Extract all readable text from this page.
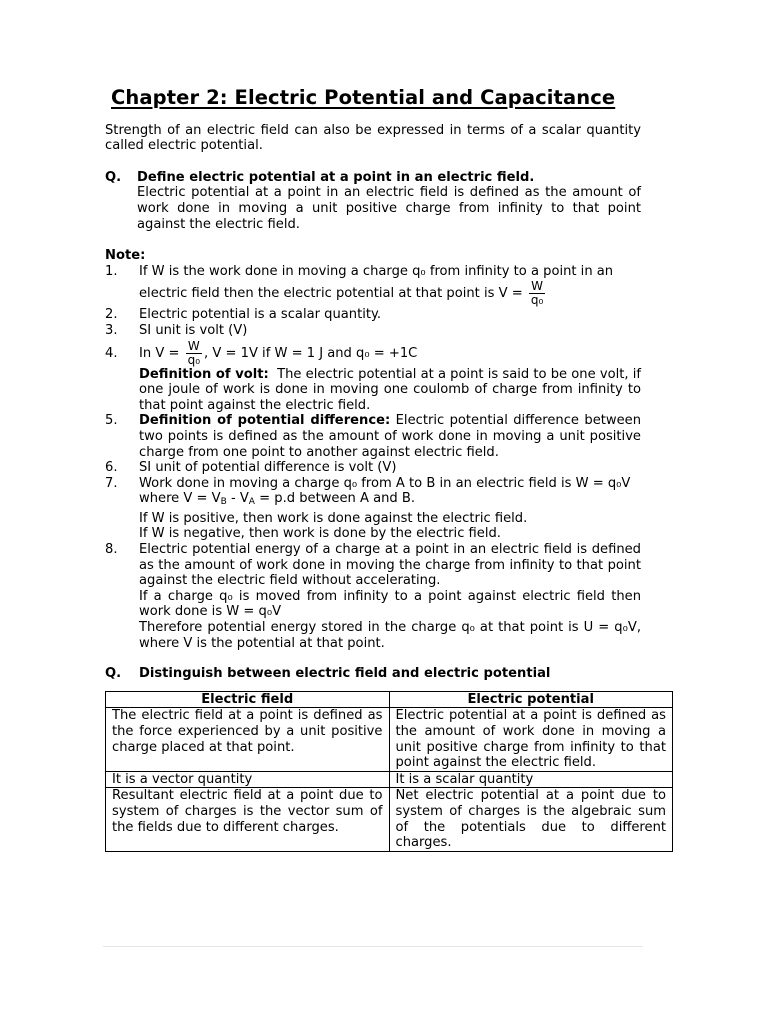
Chapter 2: Electric Potential and Capacitance

Strength of an electric field can also be expressed in terms of a scalar quantity called electric potential.

Q.	Define electric potential at a point in an electric field.

Electric potential at a point in an electric field is defined as the amount of work done in moving a unit positive charge from infinity to that point against the electric field.

Note:

1.	If W is the work done in moving a charge q₀ from infinity to a point in an

electric field then the electric potential at that point is $V = \frac{W}{\text{q₀}}$

2.	Electric potential is a scalar quantity.
3.	SI unit is volt (V)
4.	In $V = \frac{W}{\text{q₀}}$ , V = 1V if W = 1 J and q₀ = +1C

Definition of volt: The electric potential at a point is said to be one volt, if one joule of work is done in moving one coulomb of charge from infinity to that point against the electric field.

5.	Definition of potential difference: Electric potential difference between two points is defined as the amount of work done in moving a unit positive charge from one point to another against electric field.
6.	SI unit of potential difference is volt (V)
7.	Work done in moving a charge q₀ from A to B in an electric field is W = q₀V

where $V = V_B - V_A = p.d$ between A and B.

If W is positive, then work is done against the electric field.

If W is negative, then work is done by the electric field.

8.	Electric potential energy of a charge at a point in an electric field is defined as the amount of work done in moving the charge from infinity to that point against the electric field without accelerating.

If a charge q₀ is moved from infinity to a point against electric field then work done is W = q₀V

Therefore potential energy stored in the charge q₀ at that point is U = q₀V, where V is the potential at that point.

Q.	Distinguish between electric field and electric potential
Electric field	Electric potential
The electric field at a point is defined as the force experienced by a unit positive charge placed at that point.	Electric potential at a point is defined as the amount of work done in moving a unit positive charge from infinity to that point against the electric field.
It is a vector quantity	It is a scalar quantity
Resultant electric field at a point due to system of charges is the vector sum of the fields due to different charges.	Net electric potential at a point due to system of charges is the algebraic sum of the potentials due to different charges.
